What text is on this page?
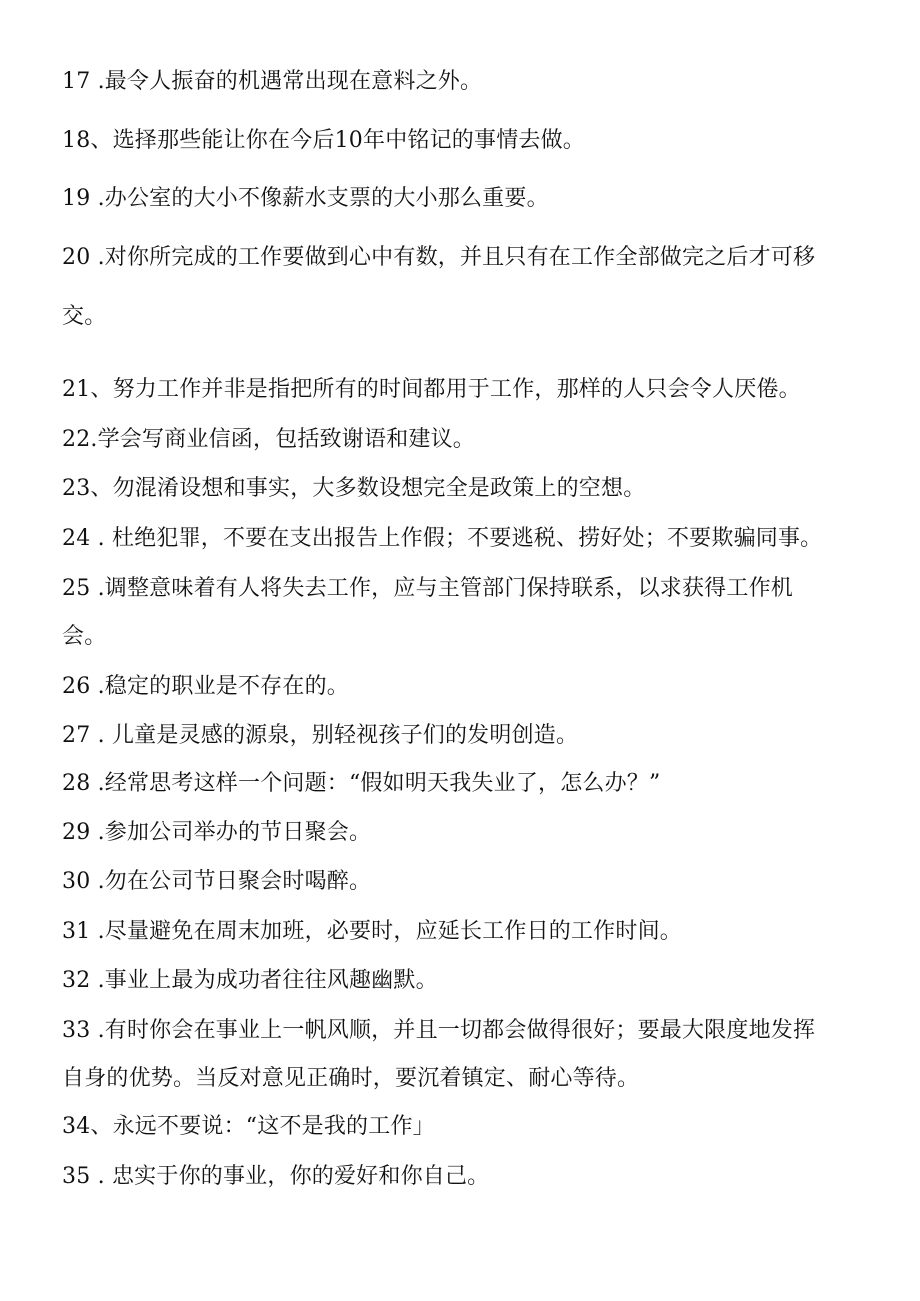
17 .最令人振奋的机遇常出现在意料之外。
18、选择那些能让你在今后10年中铭记的事情去做。
19 .办公室的大小不像薪水支票的大小那么重要。
20 .对你所完成的工作要做到心中有数，并且只有在工作全部做完之后才可移
交。
21、努力工作并非是指把所有的时间都用于工作，那样的人只会令人厌倦。
22.学会写商业信函，包括致谢语和建议。
23、勿混淆设想和事实，大多数设想完全是政策上的空想。
24 . 杜绝犯罪，不要在支出报告上作假；不要逃税、捞好处；不要欺骗同事。
25 .调整意味着有人将失去工作，应与主管部门保持联系，以求获得工作机
会。
26 .稳定的职业是不存在的。
27 . 儿童是灵感的源泉，别轻视孩子们的发明创造。
28 .经常思考这样一个问题：“假如明天我失业了，怎么办？”
29 .参加公司举办的节日聚会。
30 .勿在公司节日聚会时喝醉。
31 .尽量避免在周末加班，必要时，应延长工作日的工作时间。
32 .事业上最为成功者往往风趣幽默。
33 .有时你会在事业上一帆风顺，并且一切都会做得很好；要最大限度地发挥
自身的优势。当反对意见正确时，要沉着镇定、耐心等待。
34、永远不要说：“这不是我的工作」
35 . 忠实于你的事业，你的爱好和你自己。
